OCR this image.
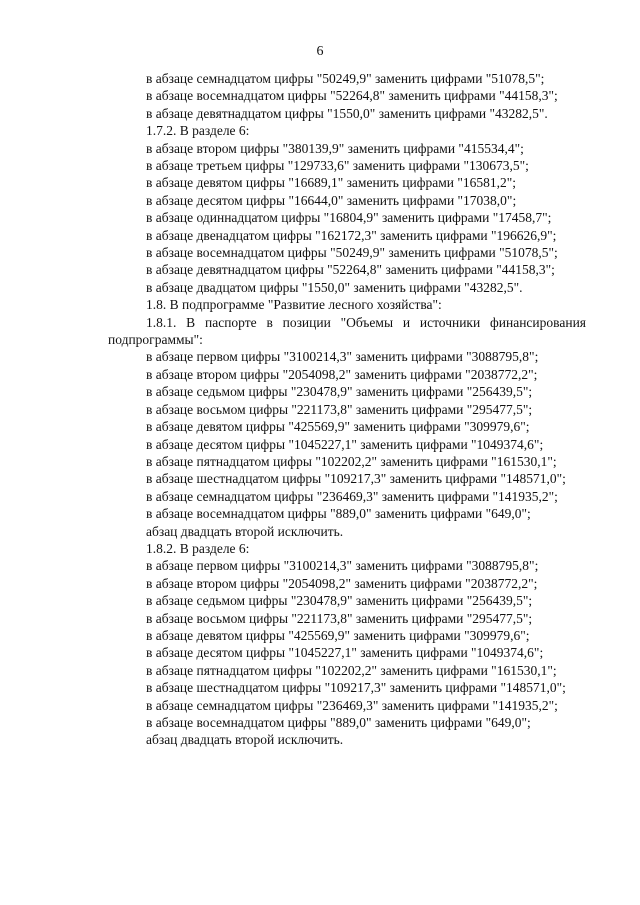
6
в абзаце семнадцатом цифры "50249,9" заменить цифрами "51078,5";
в абзаце восемнадцатом цифры "52264,8" заменить цифрами "44158,3";
в абзаце девятнадцатом цифры "1550,0" заменить цифрами "43282,5".
1.7.2. В разделе 6:
в абзаце втором цифры "380139,9" заменить цифрами "415534,4";
в абзаце третьем цифры "129733,6" заменить цифрами "130673,5";
в абзаце девятом цифры "16689,1" заменить цифрами "16581,2";
в абзаце десятом цифры "16644,0" заменить цифрами "17038,0";
в абзаце одиннадцатом цифры "16804,9" заменить цифрами "17458,7";
в абзаце двенадцатом цифры "162172,3" заменить цифрами "196626,9";
в абзаце восемнадцатом цифры "50249,9" заменить цифрами "51078,5";
в абзаце девятнадцатом цифры "52264,8" заменить цифрами "44158,3";
в абзаце двадцатом цифры "1550,0" заменить цифрами "43282,5".
1.8. В подпрограмме "Развитие лесного хозяйства":
1.8.1. В паспорте в позиции "Объемы и источники финансирования
подпрограммы":
в абзаце первом цифры "3100214,3" заменить цифрами "3088795,8";
в абзаце втором цифры "2054098,2" заменить цифрами "2038772,2";
в абзаце седьмом цифры "230478,9" заменить цифрами "256439,5";
в абзаце восьмом цифры "221173,8" заменить цифрами "295477,5";
в абзаце девятом цифры "425569,9" заменить цифрами "309979,6";
в абзаце десятом цифры "1045227,1" заменить цифрами "1049374,6";
в абзаце пятнадцатом цифры "102202,2" заменить цифрами "161530,1";
в абзаце шестнадцатом цифры "109217,3" заменить цифрами "148571,0";
в абзаце семнадцатом цифры "236469,3" заменить цифрами "141935,2";
в абзаце восемнадцатом цифры "889,0" заменить цифрами "649,0";
абзац двадцать второй исключить.
1.8.2. В разделе 6:
в абзаце первом цифры "3100214,3" заменить цифрами "3088795,8";
в абзаце втором цифры "2054098,2" заменить цифрами "2038772,2";
в абзаце седьмом цифры "230478,9" заменить цифрами "256439,5";
в абзаце восьмом цифры "221173,8" заменить цифрами "295477,5";
в абзаце девятом цифры "425569,9" заменить цифрами "309979,6";
в абзаце десятом цифры "1045227,1" заменить цифрами "1049374,6";
в абзаце пятнадцатом цифры "102202,2" заменить цифрами "161530,1";
в абзаце шестнадцатом цифры "109217,3" заменить цифрами "148571,0";
в абзаце семнадцатом цифры "236469,3" заменить цифрами "141935,2";
в абзаце восемнадцатом цифры "889,0" заменить цифрами "649,0";
абзац двадцать второй исключить.
